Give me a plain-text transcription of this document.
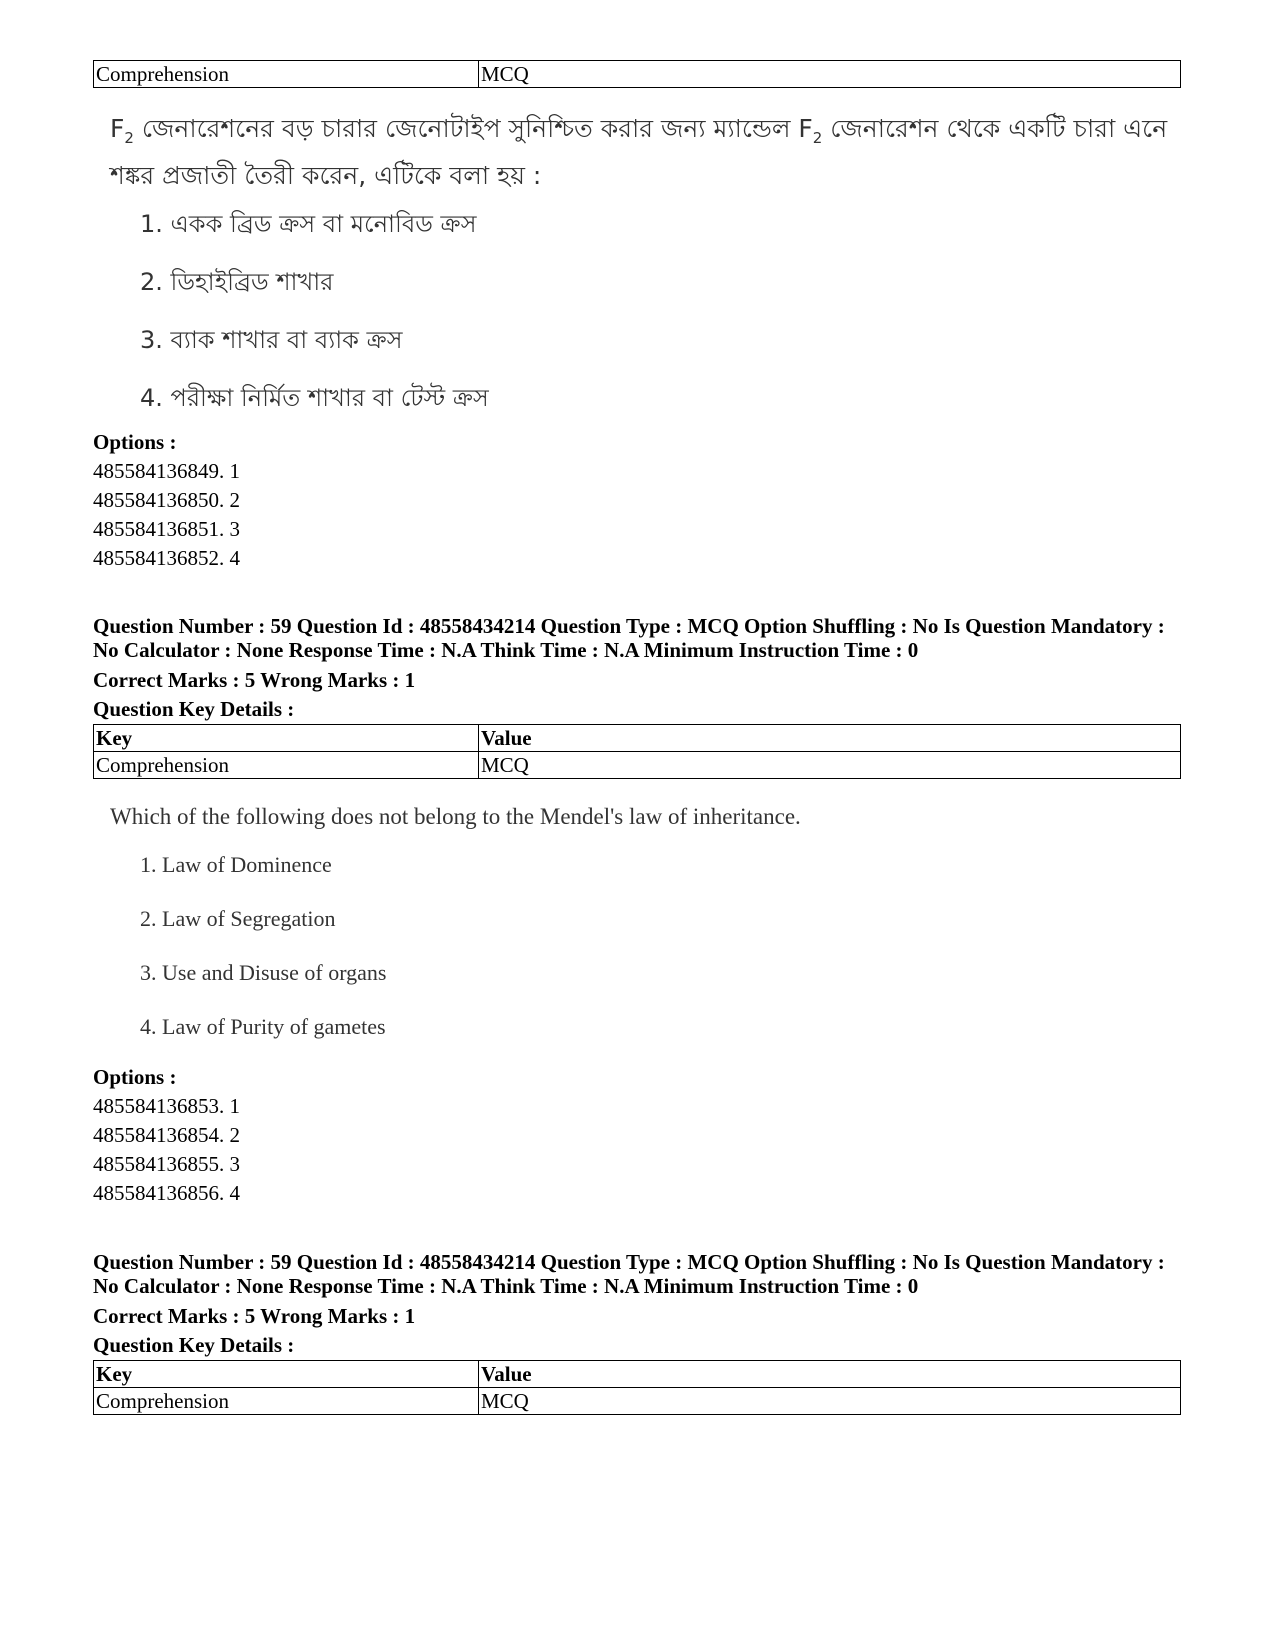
Comprehension	MCQ
$F_2$ জেনারেশনের বড় চারার জেনোটাইপ সুনিশ্চিত করার জন্য ম্যান্ডেল $F_2$ জেনারেশন থেকে একটি চারা এনে শঙ্কর প্রজাতী তৈরী করেন, এটিকে বলা হয় :
1. একক ব্রিড ক্রস বা মনোবিড ক্রস
2. ডিহাইব্রিড শাখার
3. ব্যাক শাখার বা ব্যাক ক্রস
4. পরীক্ষা নির্মিত শাখার বা টেস্ট ক্রস
Options :
485584136849. 1
485584136850. 2
485584136851. 3
485584136852. 4
Question Number : 59 Question Id : 48558434214 Question Type : MCQ Option Shuffling : No Is Question Mandatory :
No Calculator : None Response Time : N.A Think Time : N.A Minimum Instruction Time : 0
Correct Marks : 5 Wrong Marks : 1
Question Key Details :
Key	Value
Comprehension	MCQ
Which of the following does not belong to the Mendel's law of inheritance.
1. Law of Dominence
2. Law of Segregation
3. Use and Disuse of organs
4. Law of Purity of gametes
Options :
485584136853. 1
485584136854. 2
485584136855. 3
485584136856. 4
Question Number : 59 Question Id : 48558434214 Question Type : MCQ Option Shuffling : No Is Question Mandatory :
No Calculator : None Response Time : N.A Think Time : N.A Minimum Instruction Time : 0
Correct Marks : 5 Wrong Marks : 1
Question Key Details :
Key	Value
Comprehension	MCQ
